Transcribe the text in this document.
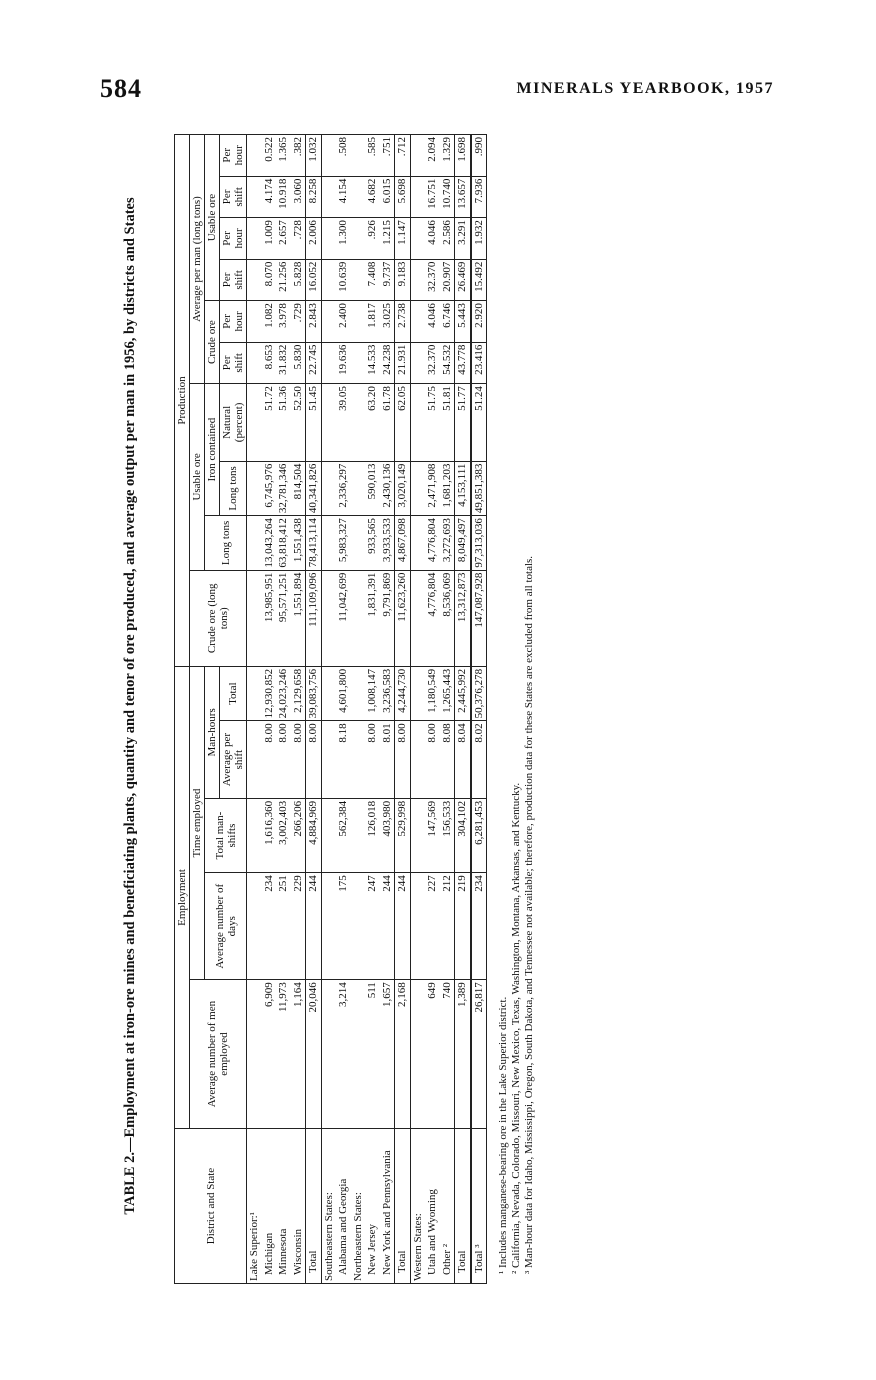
584	MINERALS YEARBOOK, 1957
TABLE 2.—Employment at iron-ore mines and beneficiating plants, quantity and tenor of ore produced, and average output per man in 1956, by districts and States	District and State	Employment					Production									
	Average number of men employed	Time employed				Crude ore (long tons)	Usable ore			Average per man (long tons)					
		Average number of days	Total man-shifts	Man-hours			Long tons	Iron contained		Crude ore		Usable ore			
				Average per shift	Total			Long tons	Natural (percent)	Per shift	Per hour	Per shift	Per hour	Per shift	Per hour
Lake Superior:¹															
Michigan	6,909	234	1,616,360	8.00	12,930,852	13,985,951	13,043,264	6,745,976	51.72	8.653	1.082	8.070	1.009	4.174	0.522
Minnesota	11,973	251	3,002,403	8.00	24,023,246	95,571,251	63,818,412	32,781,346	51.36	31.832	3.978	21.256	2.657	10.918	1.365
Wisconsin	1,164	229	266,206	8.00	2,129,658	1,551,894	1,551,438	814,504	52.50	5.830	.729	5.828	.728	3.060	.382
Total	20,046	244	4,884,969	8.00	39,083,756	111,109,096	78,413,114	40,341,826	51.45	22.745	2.843	16.052	2.006	8.258	1.032
Southeastern States:															
Alabama and Georgia	3,214	175	562,384	8.18	4,601,800	11,042,699	5,983,327	2,336,297	39.05	19.636	2.400	10.639	1.300	4.154	.508
Northeastern States:															
New Jersey	511	247	126,018	8.00	1,008,147	1,831,391	933,565	590,013	63.20	14.533	1.817	7.408	.926	4.682	.585
New York and Pennsylvania	1,657	244	403,980	8.01	3,236,583	9,791,869	3,933,533	2,430,136	61.78	24.238	3.025	9.737	1.215	6.015	.751
Total	2,168	244	529,998	8.00	4,244,730	11,623,260	4,867,098	3,020,149	62.05	21.931	2.738	9.183	1.147	5.698	.712
Western States:															
Utah and Wyoming	649	227	147,569	8.00	1,180,549	4,776,804	4,776,804	2,471,908	51.75	32.370	4.046	32.370	4.046	16.751	2.094
Other ²	740	212	156,533	8.08	1,265,443	8,536,069	3,272,693	1,681,203	51.81	54.532	6.746	20.907	2.586	10.740	1.329
Total	1,389	219	304,102	8.04	2,445,992	13,312,873	8,049,497	4,153,111	51.77	43.778	5.443	26.469	3.291	13.657	1.698
Total ³	26,817	234	6,281,453	8.02	50,376,278	147,087,928	97,313,036	49,851,383	51.24	23.416	2.920	15.492	1.932	7.936	.990
¹ Includes manganese-bearing ore in the Lake Superior district. ² California, Nevada, Colorado, Missouri, New Mexico, Texas, Washington, Montana, Arkansas, and Kentucky. ³ Man-hour data for Idaho, Mississippi, Oregon, South Dakota, and Tennessee not available; therefore, production data for these States are excluded from all totals.
